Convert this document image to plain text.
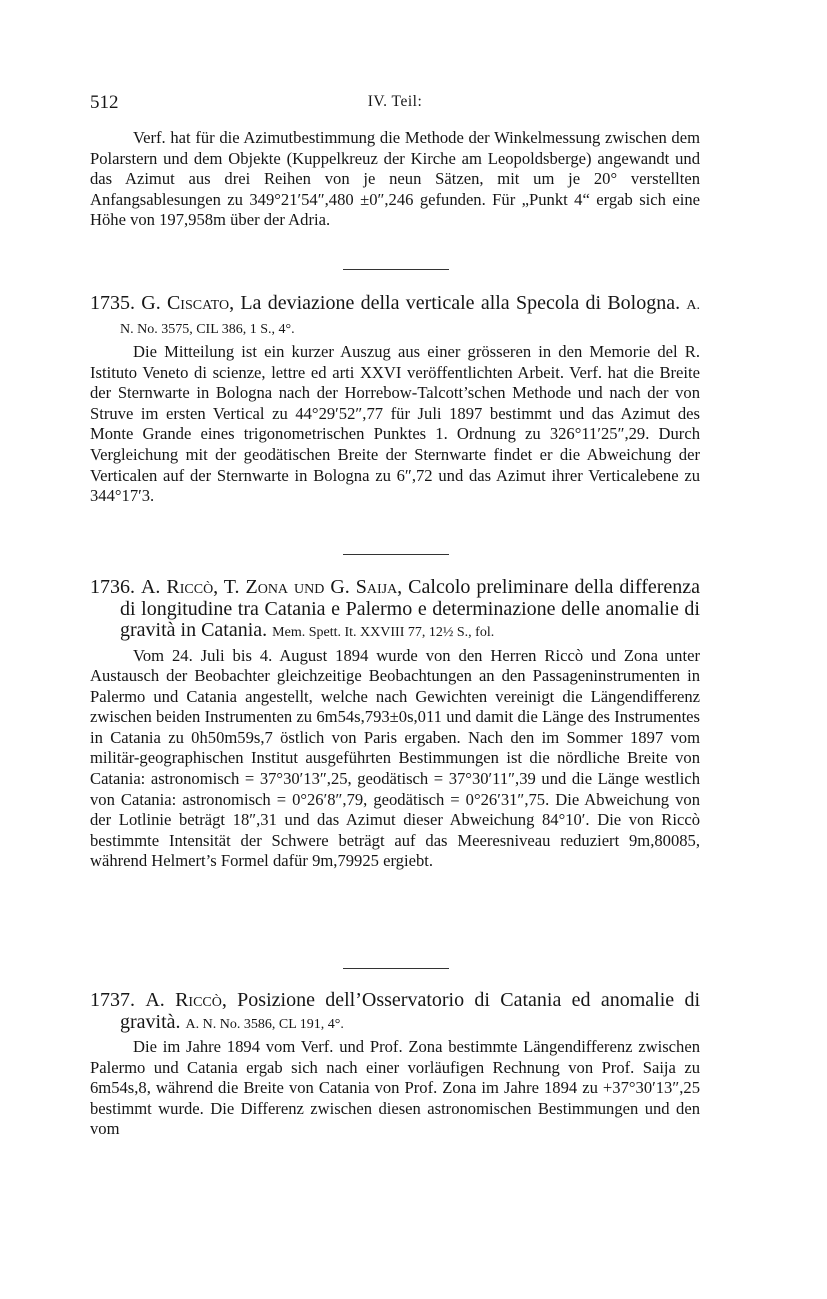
512	IV. Teil:

Verf. hat für die Azimutbestimmung die Methode der Winkelmessung zwischen dem Polarstern und dem Objekte (Kuppelkreuz der Kirche am Leopoldsberge) angewandt und das Azimut aus drei Reihen von je neun Sätzen, mit um je 20° verstellten Anfangsablesungen zu 349°21′54″,480 ±0″,246 gefunden. Für „Punkt 4“ ergab sich eine Höhe von 197,958m über der Adria.

1735. G. Ciscato, La deviazione della verticale alla Specola di Bologna. A. N. No. 3575, CIL 386, 1 S., 4°.
Die Mitteilung ist ein kurzer Auszug aus einer grösseren in den Memorie del R. Istituto Veneto di scienze, lettre ed arti XXVI veröffentlichten Arbeit. Verf. hat die Breite der Sternwarte in Bologna nach der Horrebow-Talcott’schen Methode und nach der von Struve im ersten Vertical zu 44°29′52″,77 für Juli 1897 bestimmt und das Azimut des Monte Grande eines trigonometrischen Punktes 1. Ordnung zu 326°11′25″,29. Durch Vergleichung mit der geodätischen Breite der Sternwarte findet er die Abweichung der Verticalen auf der Sternwarte in Bologna zu 6″,72 und das Azimut ihrer Verticalebene zu 344°17′3.
1736. A. Riccò, T. Zona und G. Saija, Calcolo preliminare della differenza di longitudine tra Catania e Palermo e determinazione delle anomalie di gravità in Catania. Mem. Spett. It. XXVIII 77, 12½ S., fol.
Vom 24. Juli bis 4. August 1894 wurde von den Herren Riccò und Zona unter Austausch der Beobachter gleichzeitige Beobachtungen an den Passageninstrumenten in Palermo und Catania angestellt, welche nach Gewichten vereinigt die Längendifferenz zwischen beiden Instrumenten zu 6m54s,793±0s,011 und damit die Länge des Instrumentes in Catania zu 0h50m59s,7 östlich von Paris ergaben. Nach den im Sommer 1897 vom militär-geographischen Institut ausgeführten Bestimmungen ist die nördliche Breite von Catania: astronomisch = 37°30′13″,25, geodätisch = 37°30′11″,39 und die Länge westlich von Catania: astronomisch = 0°26′8″,79, geodätisch = 0°26′31″,75. Die Abweichung von der Lotlinie beträgt 18″,31 und das Azimut dieser Abweichung 84°10′. Die von Riccò bestimmte Intensität der Schwere beträgt auf das Meeresniveau reduziert 9m,80085, während Helmert’s Formel dafür 9m,79925 ergiebt.
1737. A. Riccò, Posizione dell’Osservatorio di Catania ed anomalie di gravità. A. N. No. 3586, CL 191, 4°.
Die im Jahre 1894 vom Verf. und Prof. Zona bestimmte Längendifferenz zwischen Palermo und Catania ergab sich nach einer vorläufigen Rechnung von Prof. Saija zu 6m54s,8, während die Breite von Catania von Prof. Zona im Jahre 1894 zu +37°30′13″,25 bestimmt wurde. Die Differenz zwischen diesen astronomischen Bestimmungen und den vom
